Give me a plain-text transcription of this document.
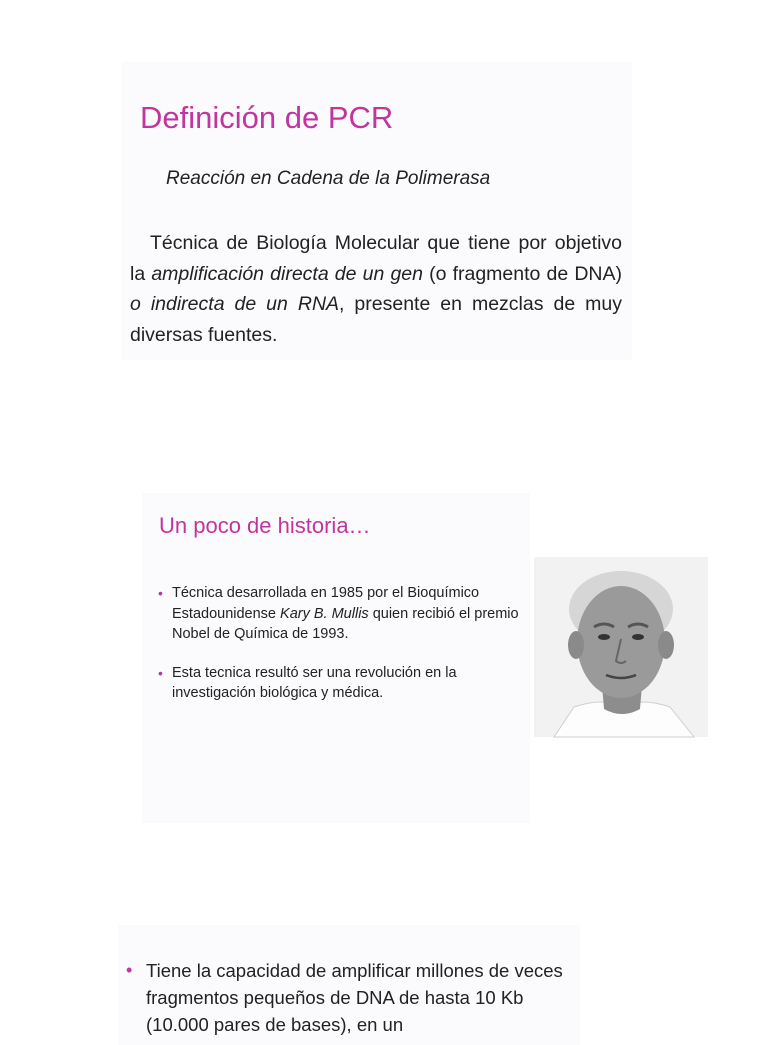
Definición de PCR
Reacción en Cadena de la Polimerasa

Técnica de Biología Molecular que tiene por objetivo la amplificación directa de un gen (o fragmento de DNA) o indirecta de un RNA, presente en mezclas de muy diversas fuentes.

Un poco de historia…
• Técnica desarrollada en 1985 por el Bioquímico Estadounidense Kary B. Mullis quien recibió el premio Nobel de Química de 1993.
• Esta tecnica resultó ser una revolución en la investigación biológica y médica.
• Tiene la capacidad de amplificar millones de veces fragmentos pequeños de DNA de hasta 10 Kb (10.000 pares de bases), en un
